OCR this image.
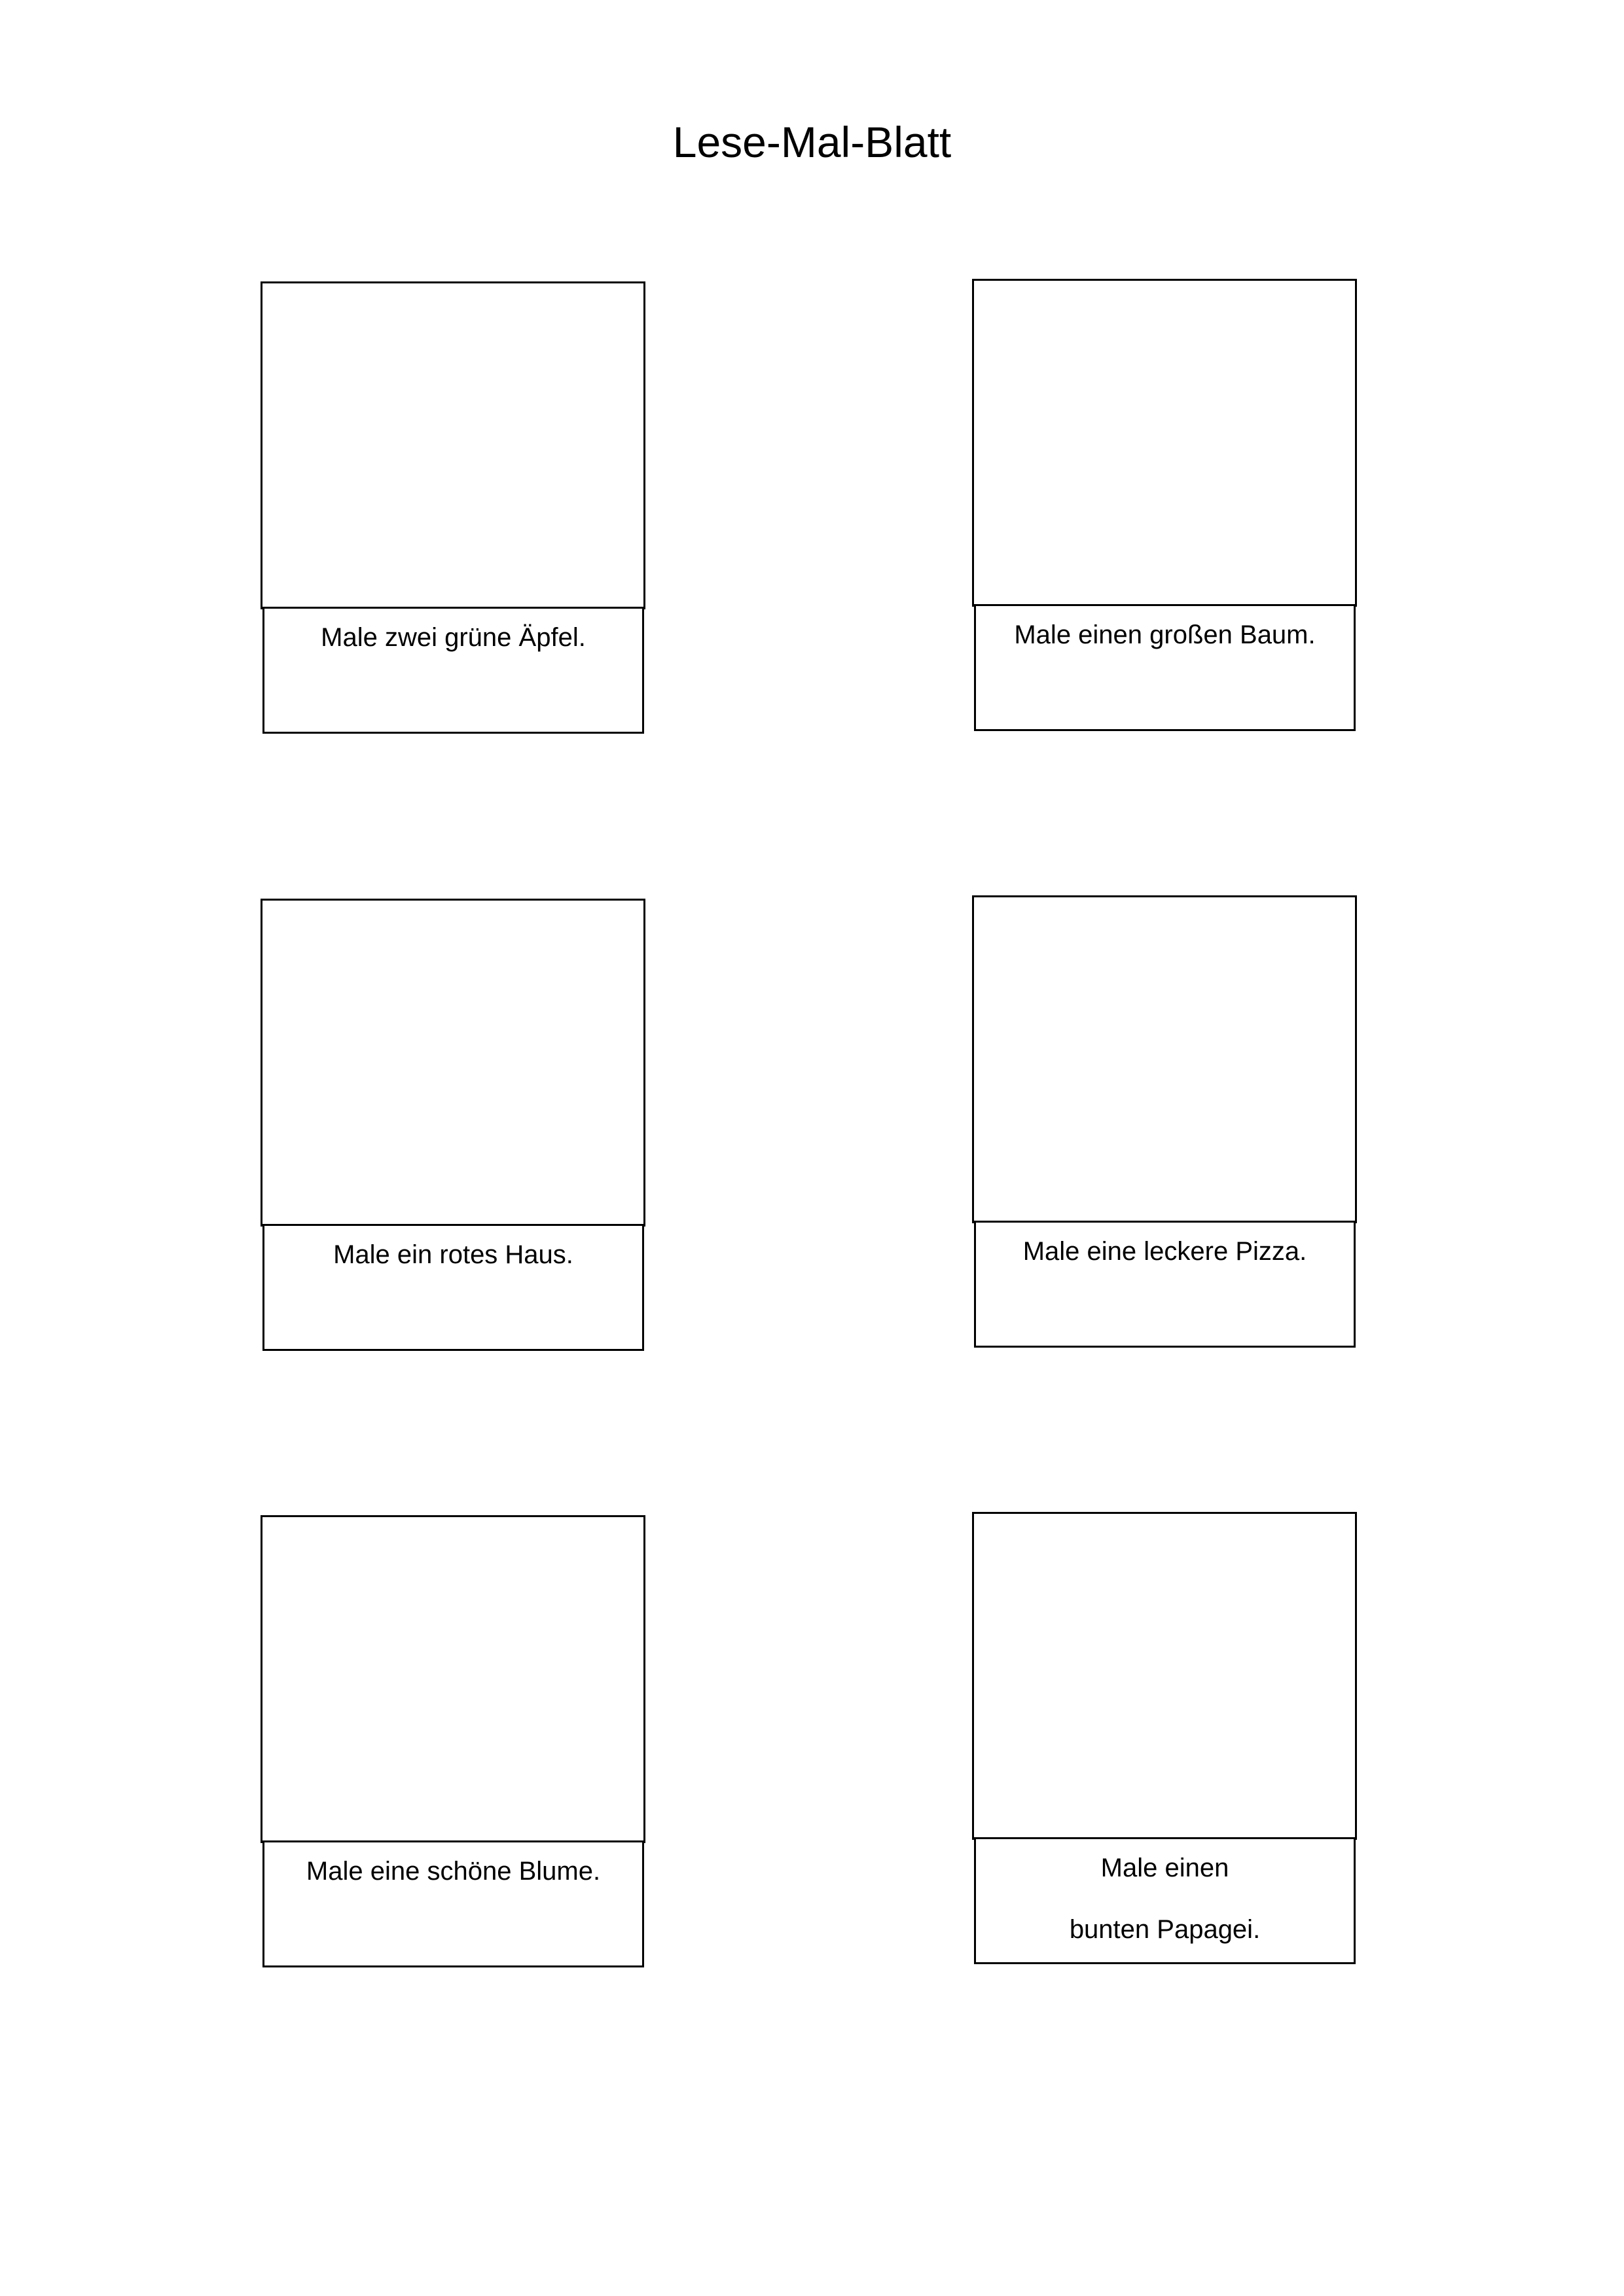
Lese-Mal-Blatt
Male zwei grüne Äpfel.	Male einen großen Baum.
Male ein rotes Haus.	Male eine leckere Pizza.
Male eine schöne Blume.	Male einen
bunten Papagei.
